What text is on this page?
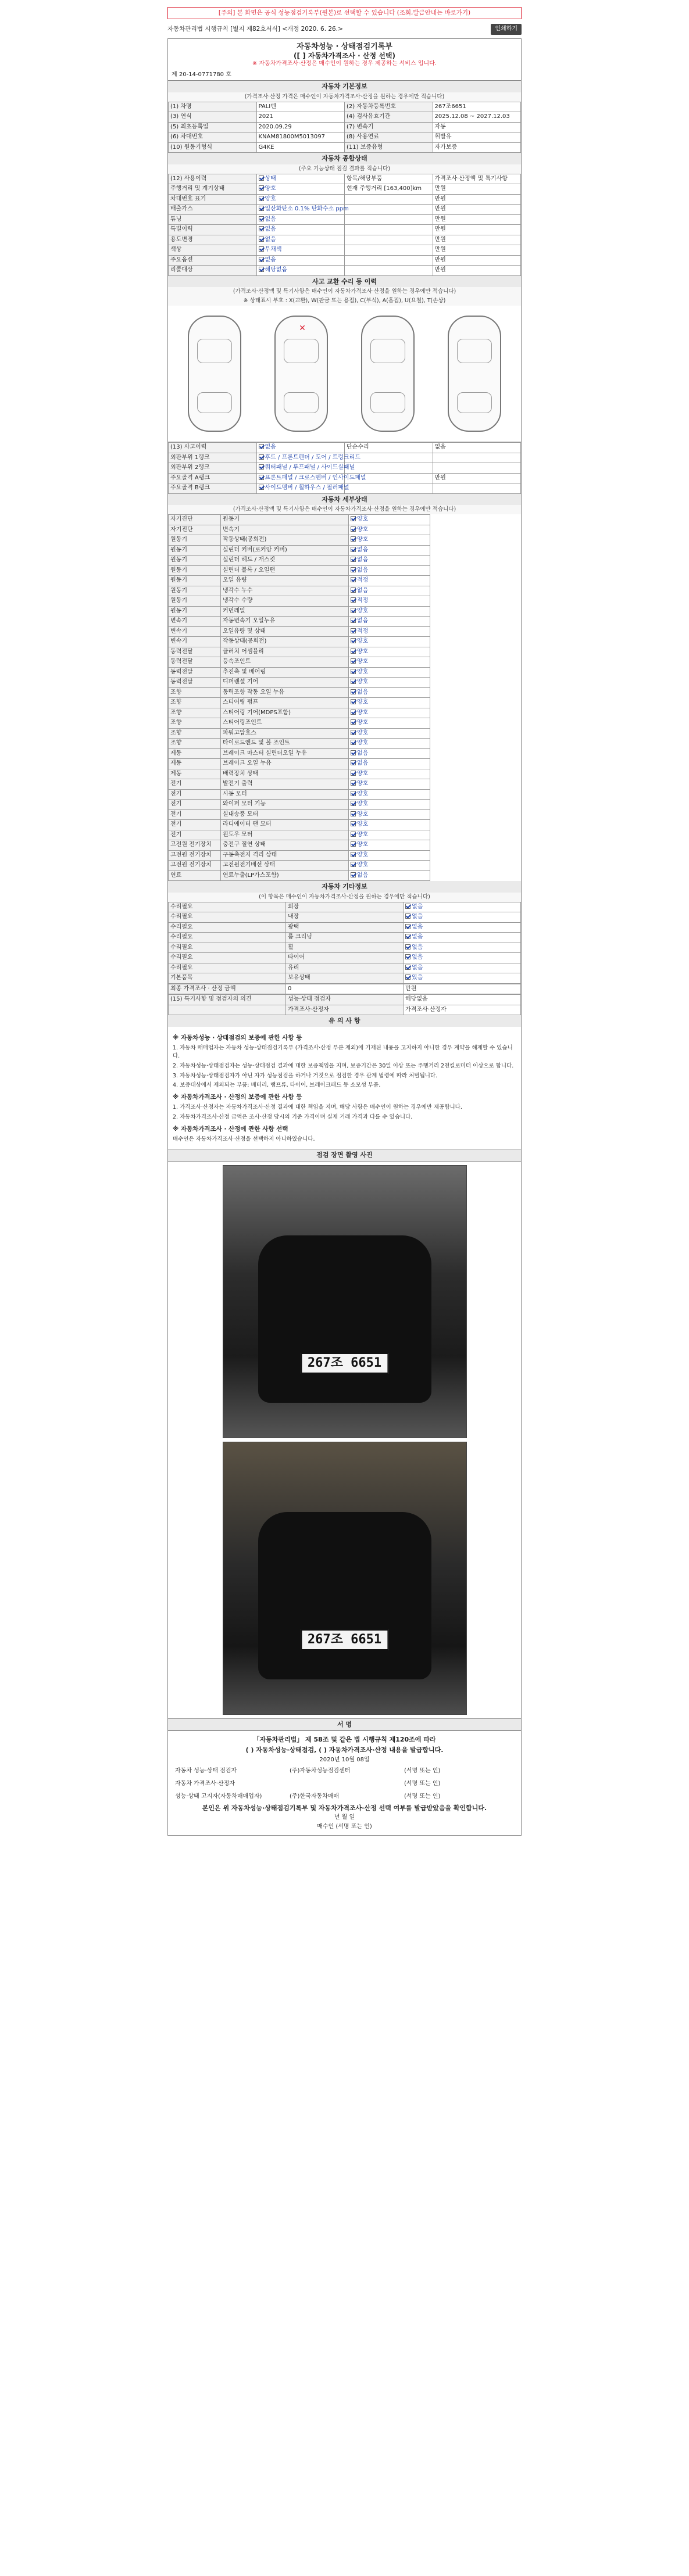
[주의] 본 화면은 공식 성능점검기록부(원본)로 선택할 수 있습니다 (조회,발급안내는 바로가기)
자동차관리법 시행규칙 [별지 제82호서식] <개정 2020. 6. 26.>	인쇄하기
자동차성능 · 상태점검기록부
([ ] 자동차가격조사 · 산정 선택)
※ 자동차가격조사·산정은 매수인이 원하는 경우 제공하는 서비스 입니다.
제 20-14-0771780 호
자동차 기본정보
(가격조사·산정 가격은 매수인이 자동차가격조사·산정을 원하는 경우에만 적습니다)
(1) 차명	PALI벤	(2) 자동차등록번호	267조6651
(3) 연식	2021	(4) 검사유효기간	2025.12.08 ~ 2027.12.03
(5) 최초등록일	2020.09.29	(7) 변속기	자동
(6) 차대번호	KNAM81800M5013097	(8) 사용연료	휘발유
(10) 원동기형식	G4KE	(11) 보증유형	자가보증
자동차 종합상태
(주요 기능상태 점검 결과를 적습니다)
(12) 사용이력	상태	항목/해당부품	가격조사·산정액 및 특기사항
주행거리 및 계기상태	양호	현재 주행거리 [163,400]km	만원
차대번호 표기	양호		만원
배출가스	일산화탄소 0.1% 탄화수소 ppm		만원
튜닝	없음		만원
특별이력	없음		만원
용도변경	없음		만원
색상	무채색		만원
주요옵션	없음		만원
리콜대상	해당없음		만원
사고 교환 수리 등 이력
(가격조사·산정액 및 특기사항은 매수인이 자동차가격조사·산정을 원하는 경우에만 적습니다)
※ 상태표시 부호 : X(교환), W(판금 또는 용접), C(부식), A(흠집), U(요철), T(손상)
✕
(13) 사고이력	없음	단순수리	없음
외판부위 1랭크	후드 / 프론트펜더 / 도어 / 트렁크리드		
외판부위 2랭크	쿼터패널 / 루프패널 / 사이드실패널		
주요골격 A랭크	프론트패널 / 크로스멤버 / 인사이드패널		만원
주요골격 B랭크	사이드멤버 / 휠하우스 / 필러패널		
자동차 세부상태
(가격조사·산정액 및 특기사항은 매수인이 자동차가격조사·산정을 원하는 경우에만 적습니다)
자기진단	원동기	양호
자기진단	변속기	양호
원동기	작동상태(공회전)	양호
원동기	실린더 커버(로커암 커버)	없음
원동기	실린더 헤드 / 개스킷	없음
원동기	실린더 블록 / 오일팬	없음
원동기	오일 유량	적정
원동기	냉각수 누수	없음
원동기	냉각수 수량	적정
원동기	커먼레일	양호
변속기	자동변속기 오일누유	없음
변속기	오일유량 및 상태	적정
변속기	작동상태(공회전)	양호
동력전달	클러치 어셈블리	양호
동력전달	등속조인트	양호
동력전달	추진축 및 베어링	양호
동력전달	디퍼렌셜 기어	양호
조향	동력조향 작동 오일 누유	없음
조향	스티어링 펌프	양호
조향	스티어링 기어(MDPS포함)	양호
조향	스티어링조인트	양호
조향	파워고압호스	양호
조향	타이로드엔드 및 볼 조인트	양호
제동	브레이크 마스터 실린더오일 누유	없음
제동	브레이크 오일 누유	없음
제동	배력장치 상태	양호
전기	발전기 출력	양호
전기	시동 모터	양호
전기	와이퍼 모터 기능	양호
전기	실내송풍 모터	양호
전기	라디에이터 팬 모터	양호
전기	윈도우 모터	양호
고전원 전기장치	충전구 절연 상태	양호
고전원 전기장치	구동축전지 격리 상태	양호
고전원 전기장치	고전원전기배선 상태	양호
연료	연료누출(LP가스포함)	없음
자동차 기타정보
(이 항목은 매수인이 자동차가격조사·산정을 원하는 경우에만 적습니다)
수리필요	외장	없음
수리필요	내장	없음
수리필요	광택	없음
수리필요	룸 크리닝	없음
수리필요	휠	없음
수리필요	타이어	없음
수리필요	유리	없음
기본품목	보유상태	있음
최종 가격조사 · 산정 금액	0	만원
(15) 특기사항 및 점검자의 의견	성능·상태 점검자	해당없음
	가격조사·산정자	가격조사·산정자
유 의 사 항
※ 자동차성능 · 상태점검의 보증에 관한 사항 등

1. 자동차 매매업자는 자동차 성능·상태점검기록부 (가격조사·산정 부분 제외)에 기재된 내용을 고지하지 아니한 경우 계약을 해제할 수 있습니다.

2. 자동차성능·상태점검자는 성능·상태점검 결과에 대한 보증책임을 지며, 보증기간은 30일 이상 또는 주행거리 2천킬로미터 이상으로 합니다.

3. 자동차성능·상태점검자가 아닌 자가 성능점검을 하거나 거짓으로 점검한 경우 관계 법령에 따라 처벌됩니다.

4. 보증대상에서 제외되는 부품: 배터리, 램프류, 타이어, 브레이크패드 등 소모성 부품.

※ 자동차가격조사 · 산정의 보증에 관한 사항 등

1. 가격조사·산정자는 자동차가격조사·산정 결과에 대한 책임을 지며, 해당 사항은 매수인이 원하는 경우에만 제공합니다.

2. 자동차가격조사·산정 금액은 조사·산정 당시의 기준 가격이며 실제 거래 가격과 다를 수 있습니다.

※ 자동차가격조사 · 산정에 관한 사항 선택

매수인은 자동차가격조사·산정을 선택하지 아니하였습니다.

점검 장면 촬영 사진
267조 6651
267조 6651
서 명
「자동차관리법」 제 58조 및 같은 법 시행규칙 제120조에 따라
( ) 자동차성능·상태점검, ( ) 자동차가격조사·산정 내용을 발급합니다.
2020년 10월 08일
자동차 성능·상태 점검자	(주)자동차성능점검센터	(서명 또는 인)
자동차 가격조사·산정자		(서명 또는 인)
성능·상태 고지자(자동차매매업자)	(주)한국자동차매매	(서명 또는 인)
본인은 위 자동차성능·상태점검기록부 및 자동차가격조사·산정 선택 여부를 발급받았음을 확인합니다.
년 월 일
매수인 (서명 또는 인)
